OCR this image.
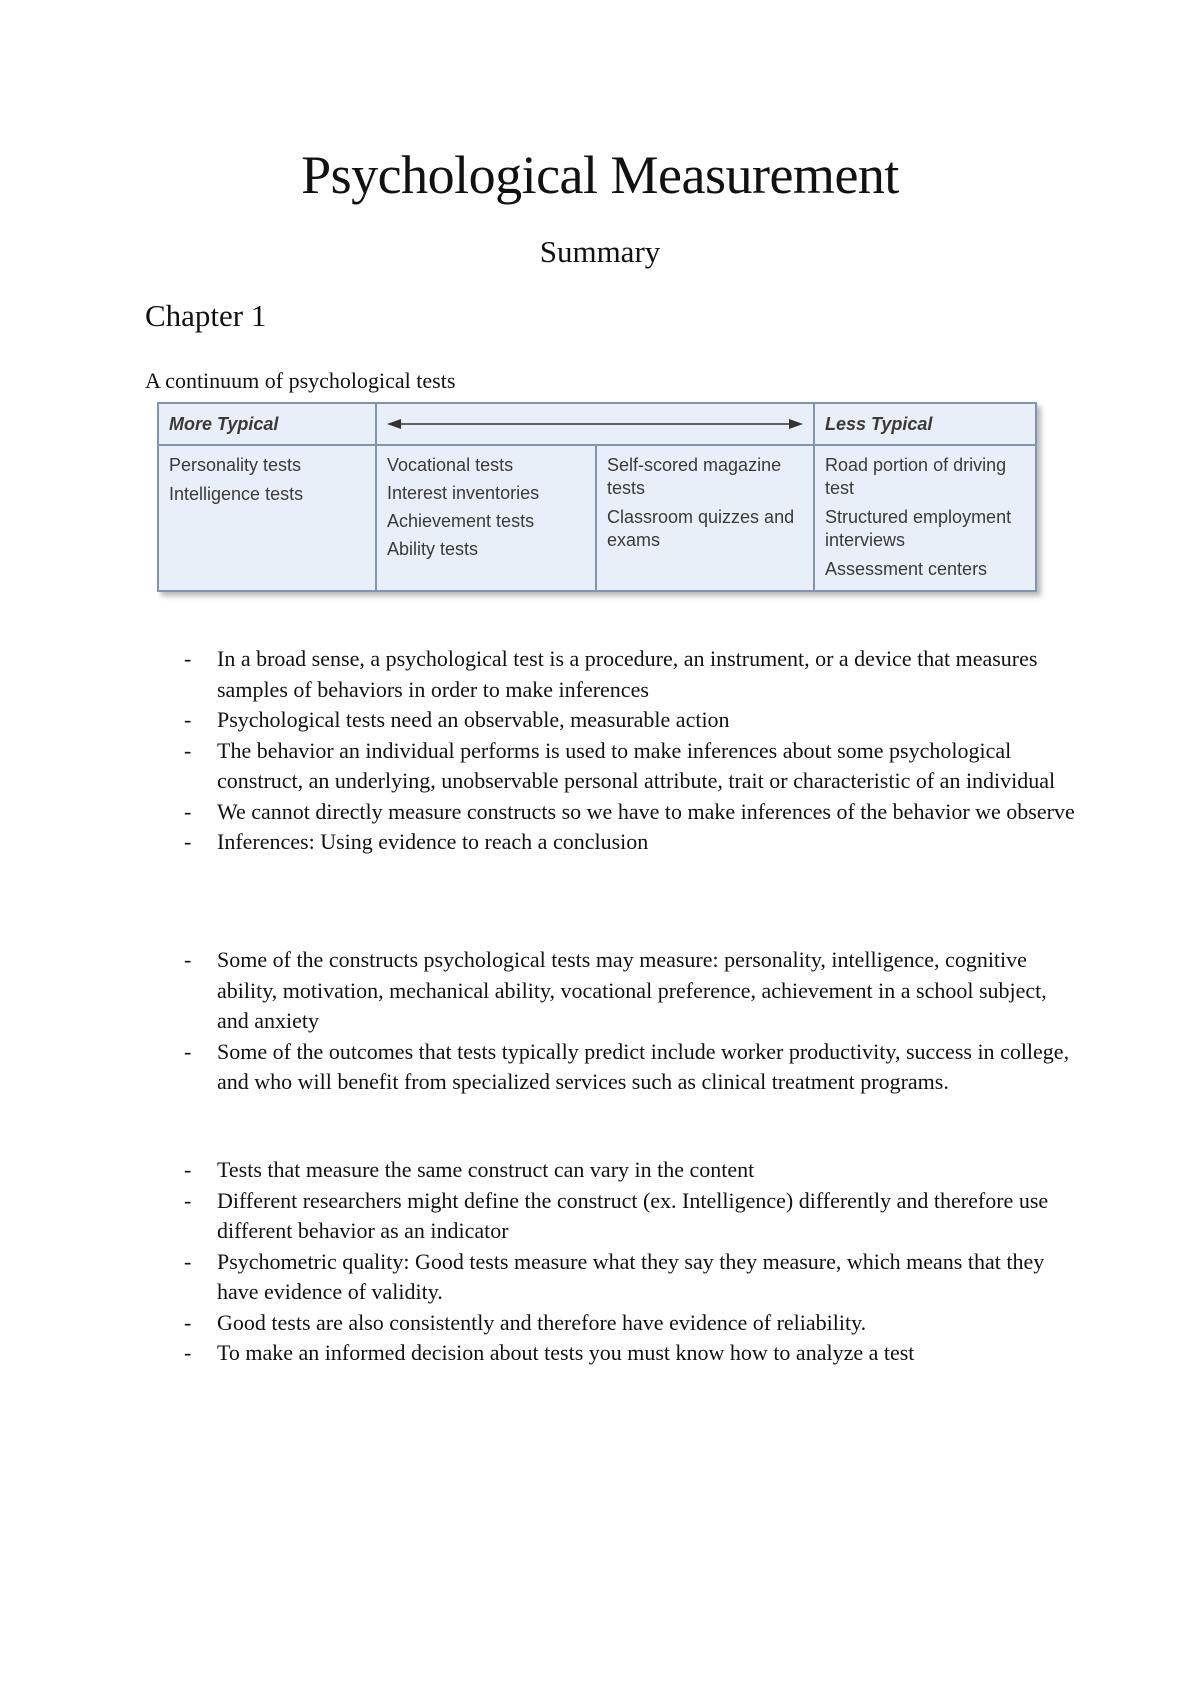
Psychological Measurement
Summary
Chapter 1
A continuum of psychological tests
More Typical	Less Typical
Personality tests
Intelligence tests
Vocational tests
Interest inventories
Achievement tests
Ability tests
Self-scored magazine tests
Classroom quizzes and exams
Road portion of driving test
Structured employment interviews
Assessment centers
- In a broad sense, a psychological test is a procedure, an instrument, or a device that measures samples of behaviors in order to make inferences
- Psychological tests need an observable, measurable action
- The behavior an individual performs is used to make inferences about some psychological construct, an underlying, unobservable personal attribute, trait or characteristic of an individual
- We cannot directly measure constructs so we have to make inferences of the behavior we observe
- Inferences: Using evidence to reach a conclusion
- Some of the constructs psychological tests may measure: personality, intelligence, cognitive ability, motivation, mechanical ability, vocational preference, achievement in a school subject, and anxiety
- Some of the outcomes that tests typically predict include worker productivity, success in college, and who will benefit from specialized services such as clinical treatment programs.
- Tests that measure the same construct can vary in the content
- Different researchers might define the construct (ex. Intelligence) differently and therefore use different behavior as an indicator
- Psychometric quality: Good tests measure what they say they measure, which means that they have evidence of validity.
- Good tests are also consistently and therefore have evidence of reliability.
- To make an informed decision about tests you must know how to analyze a test
